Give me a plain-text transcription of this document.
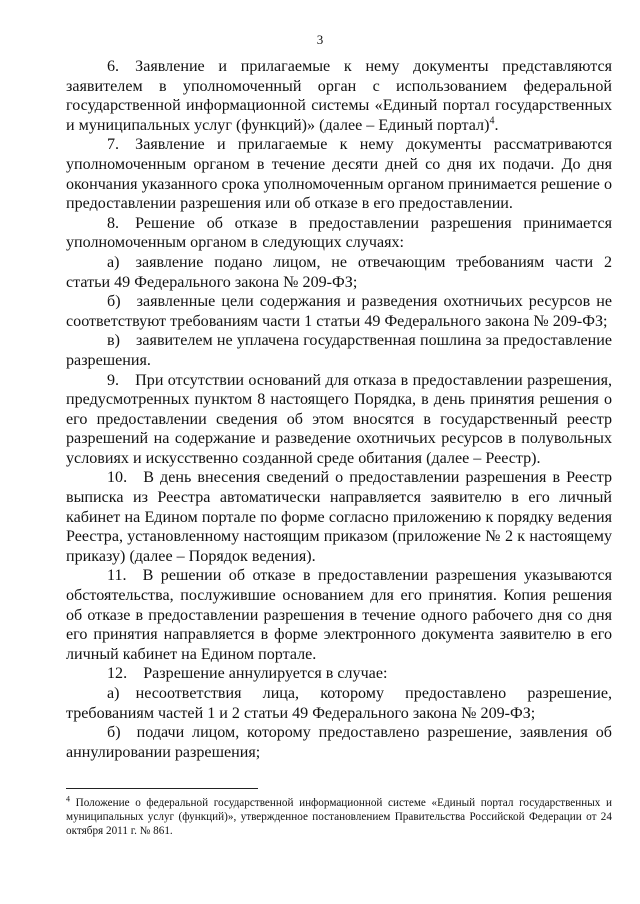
3

6. Заявление и прилагаемые к нему документы представляются заявителем в уполномоченный орган с использованием федеральной государственной информационной системы «Единый портал государственных и муниципальных услуг (функций)» (далее – Единый портал)$^4$.

7. Заявление и прилагаемые к нему документы рассматриваются уполномоченным органом в течение десяти дней со дня их подачи. До дня окончания указанного срока уполномоченным органом принимается решение о предоставлении разрешения или об отказе в его предоставлении.

8. Решение об отказе в предоставлении разрешения принимается уполномоченным органом в следующих случаях:

а) заявление подано лицом, не отвечающим требованиям части 2 статьи 49 Федерального закона № 209-ФЗ;

б) заявленные цели содержания и разведения охотничьих ресурсов не соответствуют требованиям части 1 статьи 49 Федерального закона № 209-ФЗ;

в) заявителем не уплачена государственная пошлина за предоставление разрешения.

9. При отсутствии оснований для отказа в предоставлении разрешения, предусмотренных пунктом 8 настоящего Порядка, в день принятия решения о его предоставлении сведения об этом вносятся в государственный реестр разрешений на содержание и разведение охотничьих ресурсов в полувольных условиях и искусственно созданной среде обитания (далее – Реестр).

10. В день внесения сведений о предоставлении разрешения в Реестр выписка из Реестра автоматически направляется заявителю в его личный кабинет на Едином портале по форме согласно приложению к порядку ведения Реестра, установленному настоящим приказом (приложение № 2 к настоящему приказу) (далее – Порядок ведения).

11. В решении об отказе в предоставлении разрешения указываются обстоятельства, послужившие основанием для его принятия. Копия решения об отказе в предоставлении разрешения в течение одного рабочего дня со дня его принятия направляется в форме электронного документа заявителю в его личный кабинет на Едином портале.

12. Разрешение аннулируется в случае:

а) несоответствия лица, которому предоставлено разрешение, требованиям частей 1 и 2 статьи 49 Федерального закона № 209-ФЗ;

б) подачи лицом, которому предоставлено разрешение, заявления об аннулировании разрешения;

$^4$ Положение о федеральной государственной информационной системе «Единый портал государственных и муниципальных услуг (функций)», утвержденное постановлением Правительства Российской Федерации от 24 октября 2011 г. № 861.
